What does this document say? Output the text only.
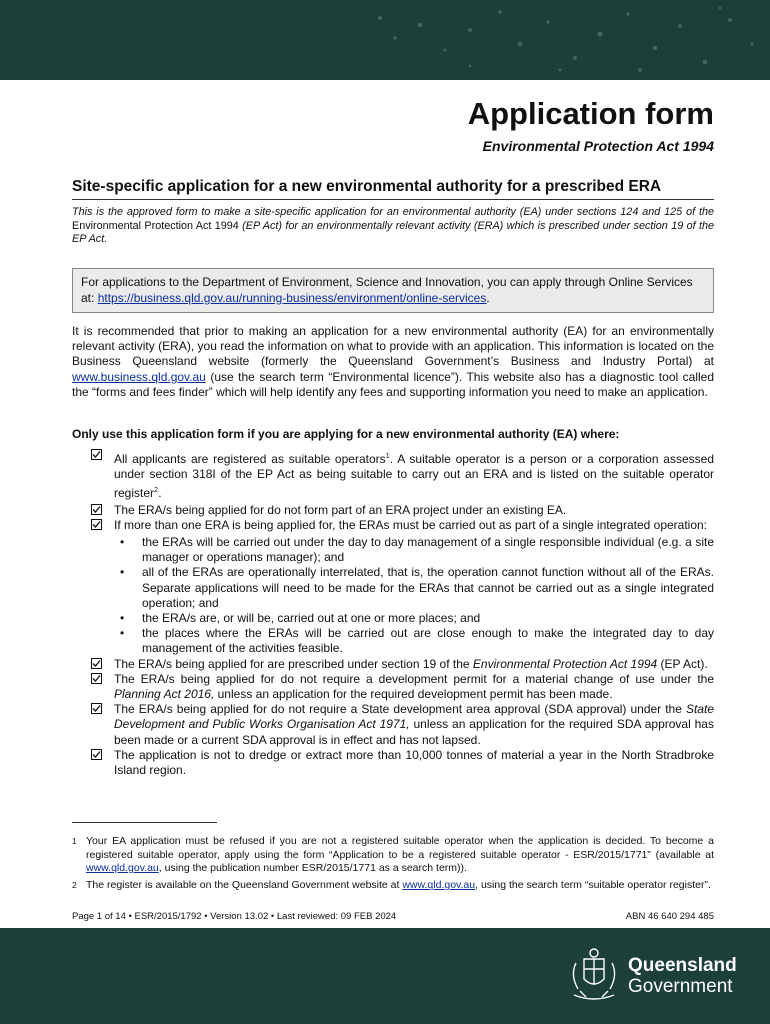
Application form
Environmental Protection Act 1994
Site-specific application for a new environmental authority for a prescribed ERA
This is the approved form to make a site-specific application for an environmental authority (EA) under sections 124 and 125 of the Environmental Protection Act 1994 (EP Act) for an environmentally relevant activity (ERA) which is prescribed under section 19 of the EP Act.
For applications to the Department of Environment, Science and Innovation, you can apply through Online Services at: https://business.qld.gov.au/running-business/environment/online-services.
It is recommended that prior to making an application for a new environmental authority (EA) for an environmentally relevant activity (ERA), you read the information on what to provide with an application. This information is located on the Business Queensland website (formerly the Queensland Government’s Business and Industry Portal) at www.business.qld.gov.au (use the search term “Environmental licence”). This website also has a diagnostic tool called the “forms and fees finder” which will help identify any fees and supporting information you need to make an application.
Only use this application form if you are applying for a new environmental authority (EA) where:
All applicants are registered as suitable operators$^1$. A suitable operator is a person or a corporation assessed under section 318I of the EP Act as being suitable to carry out an ERA and is listed on the suitable operator register$^2$.
The ERA/s being applied for do not form part of an ERA project under an existing EA.
If more than one ERA is being applied for, the ERAs must be carried out as part of a single integrated operation:
• the ERAs will be carried out under the day to day management of a single responsible individual (e.g. a site manager or operations manager); and
• all of the ERAs are operationally interrelated, that is, the operation cannot function without all of the ERAs. Separate applications will need to be made for the ERAs that cannot be carried out as a single integrated operation; and
• the ERA/s are, or will be, carried out at one or more places; and
• the places where the ERAs will be carried out are close enough to make the integrated day to day management of the activities feasible.
The ERA/s being applied for are prescribed under section 19 of the Environmental Protection Act 1994 (EP Act).
The ERA/s being applied for do not require a development permit for a material change of use under the Planning Act 2016, unless an application for the required development permit has been made.
The ERA/s being applied for do not require a State development area approval (SDA approval) under the State Development and Public Works Organisation Act 1971, unless an application for the required SDA approval has been made or a current SDA approval is in effect and has not lapsed.
The application is not to dredge or extract more than 10,000 tonnes of material a year in the North Stradbroke Island region.
1 Your EA application must be refused if you are not a registered suitable operator when the application is decided. To become a registered suitable operator, apply using the form “Application to be a registered suitable operator - ESR/2015/1771” (available at www.qld.gov.au, using the publication number ESR/2015/1771 as a search term)).
2 The register is available on the Queensland Government website at www.qld.gov.au, using the search term “suitable operator register”.
Page 1 of 14 • ESR/2015/1792 • Version 13.02 • Last reviewed: 09 FEB 2024	ABN 46 640 294 485
Queensland
Government
